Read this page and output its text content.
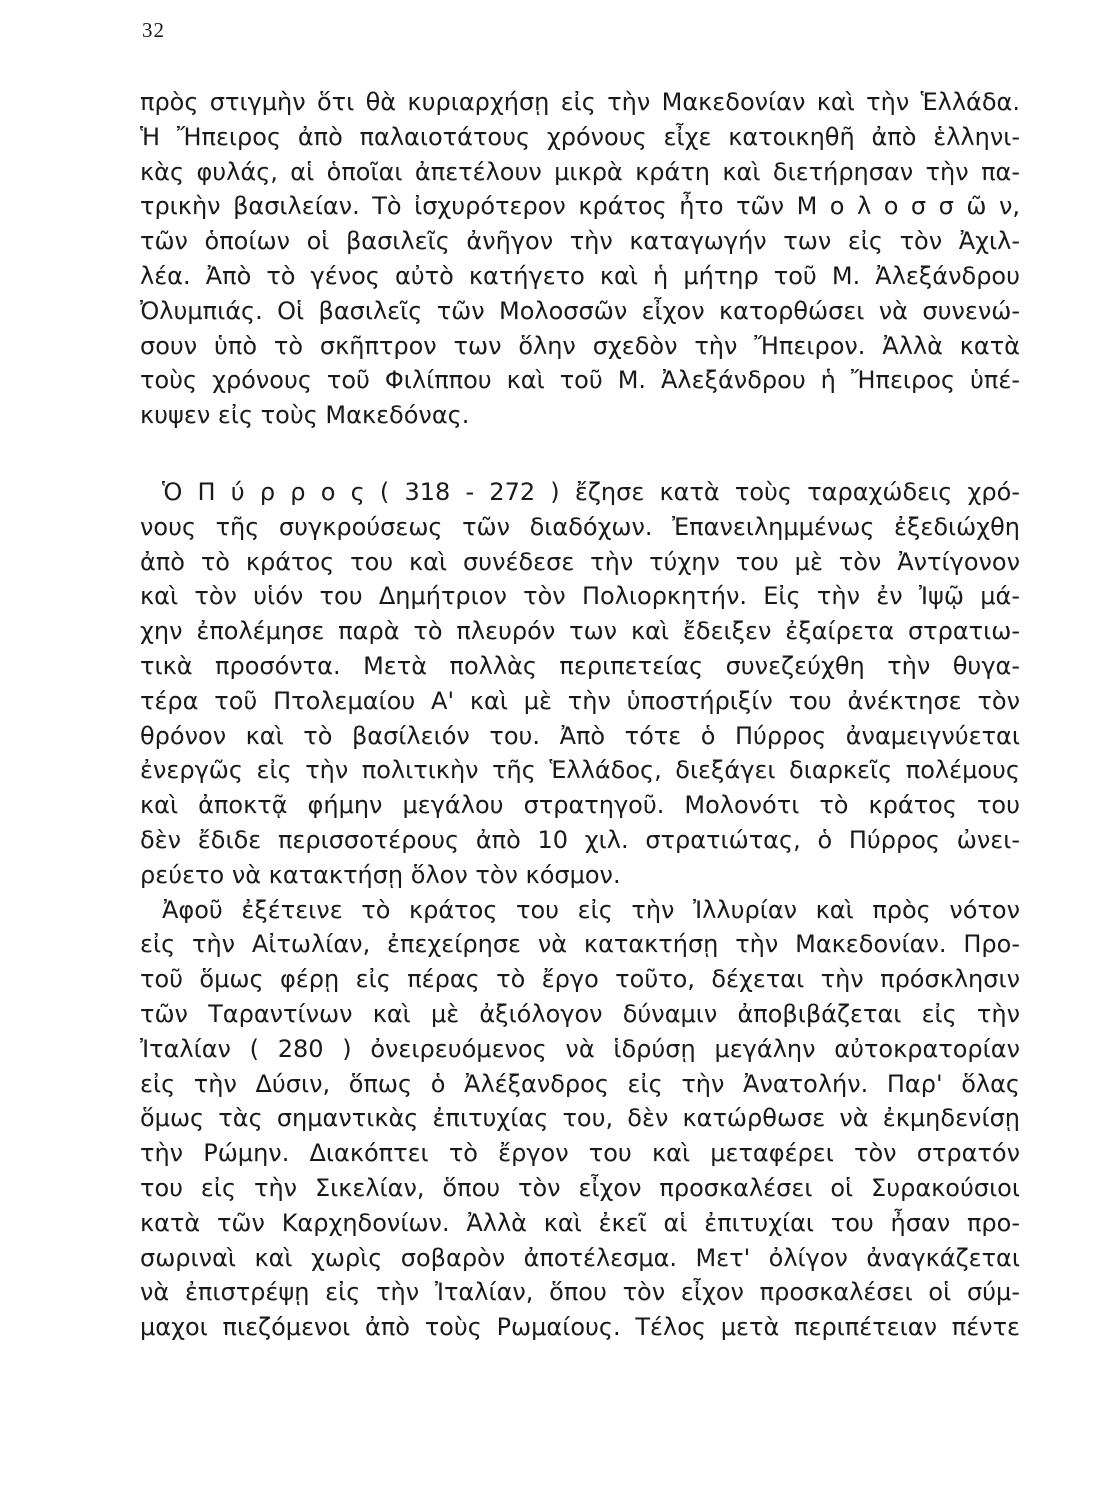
32
πρὸς στιγμὴν ὅτι θὰ κυριαρχήσῃ εἰς τὴν Μακεδονίαν καὶ τὴν Ἑλλάδα.
Ἡ Ἤπειρος ἀπὸ παλαιοτάτους χρόνους εἶχε κατοικηθῆ ἀπὸ ἑλληνι-
κὰς φυλάς, αἱ ὁποῖαι ἀπετέλουν μικρὰ κράτη καὶ διετήρησαν τὴν πα-
τρικὴν βασιλείαν. Τὸ ἰσχυρότερον κράτος ἦτο τῶν Μ ο λ ο σ σ ῶ ν,
τῶν ὁποίων οἱ βασιλεῖς ἀνῆγον τὴν καταγωγήν των εἰς τὸν Ἀχιλ-
λέα. Ἀπὸ τὸ γένος αὐτὸ κατήγετο καὶ ἡ μήτηρ τοῦ Μ. Ἀλεξάνδρου
Ὀλυμπιάς. Οἱ βασιλεῖς τῶν Μολοσσῶν εἶχον κατορθώσει νὰ συνενώ-
σουν ὑπὸ τὸ σκῆπτρον των ὅλην σχεδὸν τὴν Ἤπειρον. Ἀλλὰ κατὰ
τοὺς χρόνους τοῦ Φιλίππου καὶ τοῦ Μ. Ἀλεξάνδρου ἡ Ἤπειρος ὑπέ-
κυψεν εἰς τοὺς Μακεδόνας.
Ὁ Π ύ ρ ρ ο ς ( 318 - 272 ) ἔζησε κατὰ τοὺς ταραχώδεις χρό-
νους τῆς συγκρούσεως τῶν διαδόχων. Ἐπανειλημμένως ἐξεδιώχθη
ἀπὸ τὸ κράτος του καὶ συνέδεσε τὴν τύχην του μὲ τὸν Ἀντίγονον
καὶ τὸν υἱόν του Δημήτριον τὸν Πολιορκητήν. Εἰς τὴν ἐν Ἰψῷ μά-
χην ἐπολέμησε παρὰ τὸ πλευρόν των καὶ ἔδειξεν ἐξαίρετα στρατιω-
τικὰ προσόντα. Μετὰ πολλὰς περιπετείας συνεζεύχθη τὴν θυγα-
τέρα τοῦ Πτολεμαίου Α' καὶ μὲ τὴν ὑποστήριξίν του ἀνέκτησε τὸν
θρόνον καὶ τὸ βασίλειόν του. Ἀπὸ τότε ὁ Πύρρος ἀναμειγνύεται
ἐνεργῶς εἰς τὴν πολιτικὴν τῆς Ἑλλάδος, διεξάγει διαρκεῖς πολέμους
καὶ ἀποκτᾷ φήμην μεγάλου στρατηγοῦ. Μολονότι τὸ κράτος του
δὲν ἔδιδε περισσοτέρους ἀπὸ 10 χιλ. στρατιώτας, ὁ Πύρρος ὠνει-
ρεύετο νὰ κατακτήσῃ ὅλον τὸν κόσμον.
Ἀφοῦ ἐξέτεινε τὸ κράτος του εἰς τὴν Ἰλλυρίαν καὶ πρὸς νότον
εἰς τὴν Αἰτωλίαν, ἐπεχείρησε νὰ κατακτήσῃ τὴν Μακεδονίαν. Προ-
τοῦ ὅμως φέρῃ εἰς πέρας τὸ ἔργο τοῦτο, δέχεται τὴν πρόσκλησιν
τῶν Ταραντίνων καὶ μὲ ἀξιόλογον δύναμιν ἀποβιβάζεται εἰς τὴν
Ἰταλίαν ( 280 ) ὀνειρευόμενος νὰ ἱδρύσῃ μεγάλην αὐτοκρατορίαν
εἰς τὴν Δύσιν, ὅπως ὁ Ἀλέξανδρος εἰς τὴν Ἀνατολήν. Παρ' ὅλας
ὅμως τὰς σημαντικὰς ἐπιτυχίας του, δὲν κατώρθωσε νὰ ἐκμηδενίσῃ
τὴν Ρώμην. Διακόπτει τὸ ἔργον του καὶ μεταφέρει τὸν στρατόν
του εἰς τὴν Σικελίαν, ὅπου τὸν εἶχον προσκαλέσει οἱ Συρακούσιοι
κατὰ τῶν Καρχηδονίων. Ἀλλὰ καὶ ἐκεῖ αἱ ἐπιτυχίαι του ἦσαν προ-
σωριναὶ καὶ χωρὶς σοβαρὸν ἀποτέλεσμα. Μετ' ὀλίγον ἀναγκάζεται
νὰ ἐπιστρέψῃ εἰς τὴν Ἰταλίαν, ὅπου τὸν εἶχον προσκαλέσει οἱ σύμ-
μαχοι πιεζόμενοι ἀπὸ τοὺς Ρωμαίους. Τέλος μετὰ περιπέτειαν πέντε
